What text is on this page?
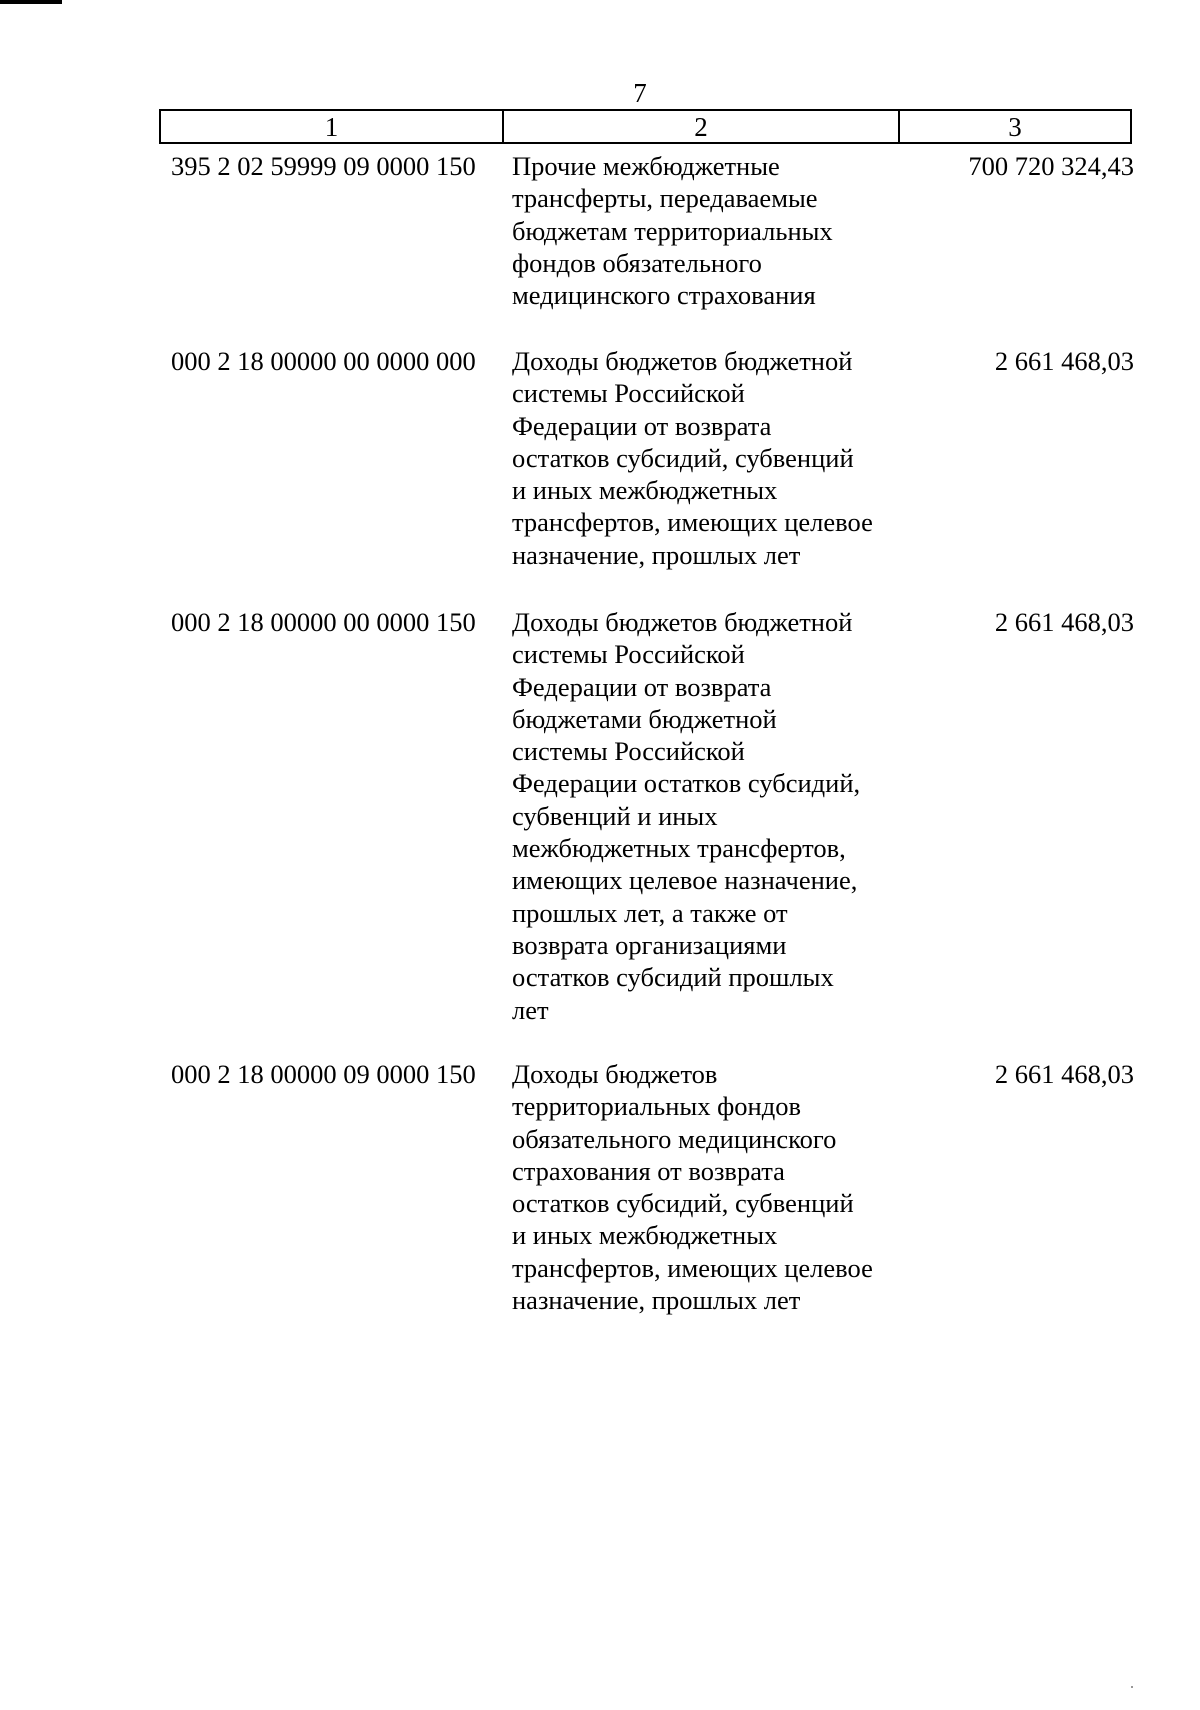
7
1	2	3
395 2 02 59999 09 0000 150 Прочие межбюджетные
трансферты, передаваемые
бюджетам территориальных
фондов обязательного
медицинского страхования
700 720 324,43
000 2 18 00000 00 0000 000 Доходы бюджетов бюджетной
системы Российской
Федерации от возврата
остатков субсидий, субвенций
и иных межбюджетных
трансфертов, имеющих целевое
назначение, прошлых лет
2 661 468,03
000 2 18 00000 00 0000 150 Доходы бюджетов бюджетной
системы Российской
Федерации от возврата
бюджетами бюджетной
системы Российской
Федерации остатков субсидий,
субвенций и иных
межбюджетных трансфертов,
имеющих целевое назначение,
прошлых лет, а также от
возврата организациями
остатков субсидий прошлых
лет
2 661 468,03
000 2 18 00000 09 0000 150 Доходы бюджетов
территориальных фондов
обязательного медицинского
страхования от возврата
остатков субсидий, субвенций
и иных межбюджетных
трансфертов, имеющих целевое
назначение, прошлых лет
2 661 468,03
